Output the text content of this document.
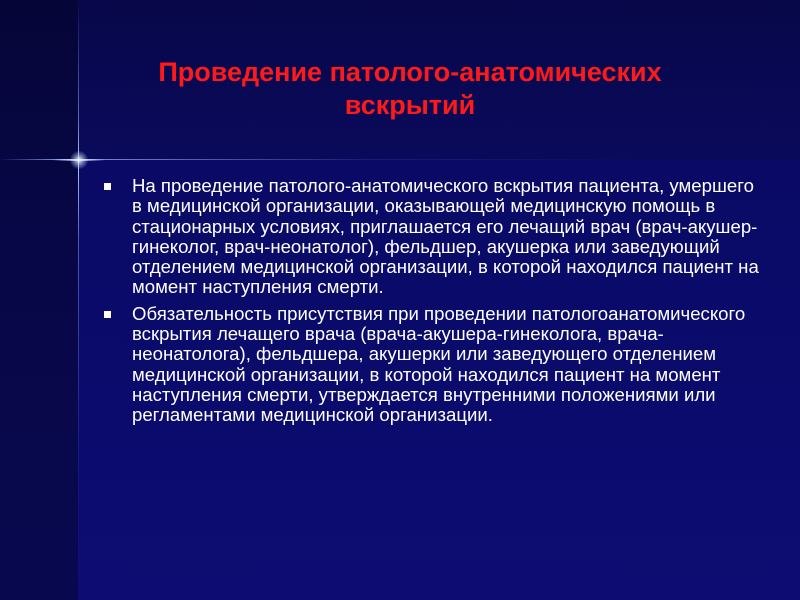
Проведение патолого-анатомических вскрытий
На проведение патолого-анатомического вскрытия пациента, умершего в медицинской организации, оказывающей медицинскую помощь в стационарных условиях, приглашается его лечащий врач (врач-акушер-гинеколог, врач-неонатолог), фельдшер, акушерка или заведующий отделением медицинской организации, в которой находился пациент на момент наступления смерти.
Обязательность присутствия при проведении патологоанатомического вскрытия лечащего врача (врача-акушера-гинеколога, врача-неонатолога), фельдшера, акушерки или заведующего отделением медицинской организации, в которой находился пациент на момент наступления смерти, утверждается внутренними положениями или регламентами медицинской организации.
